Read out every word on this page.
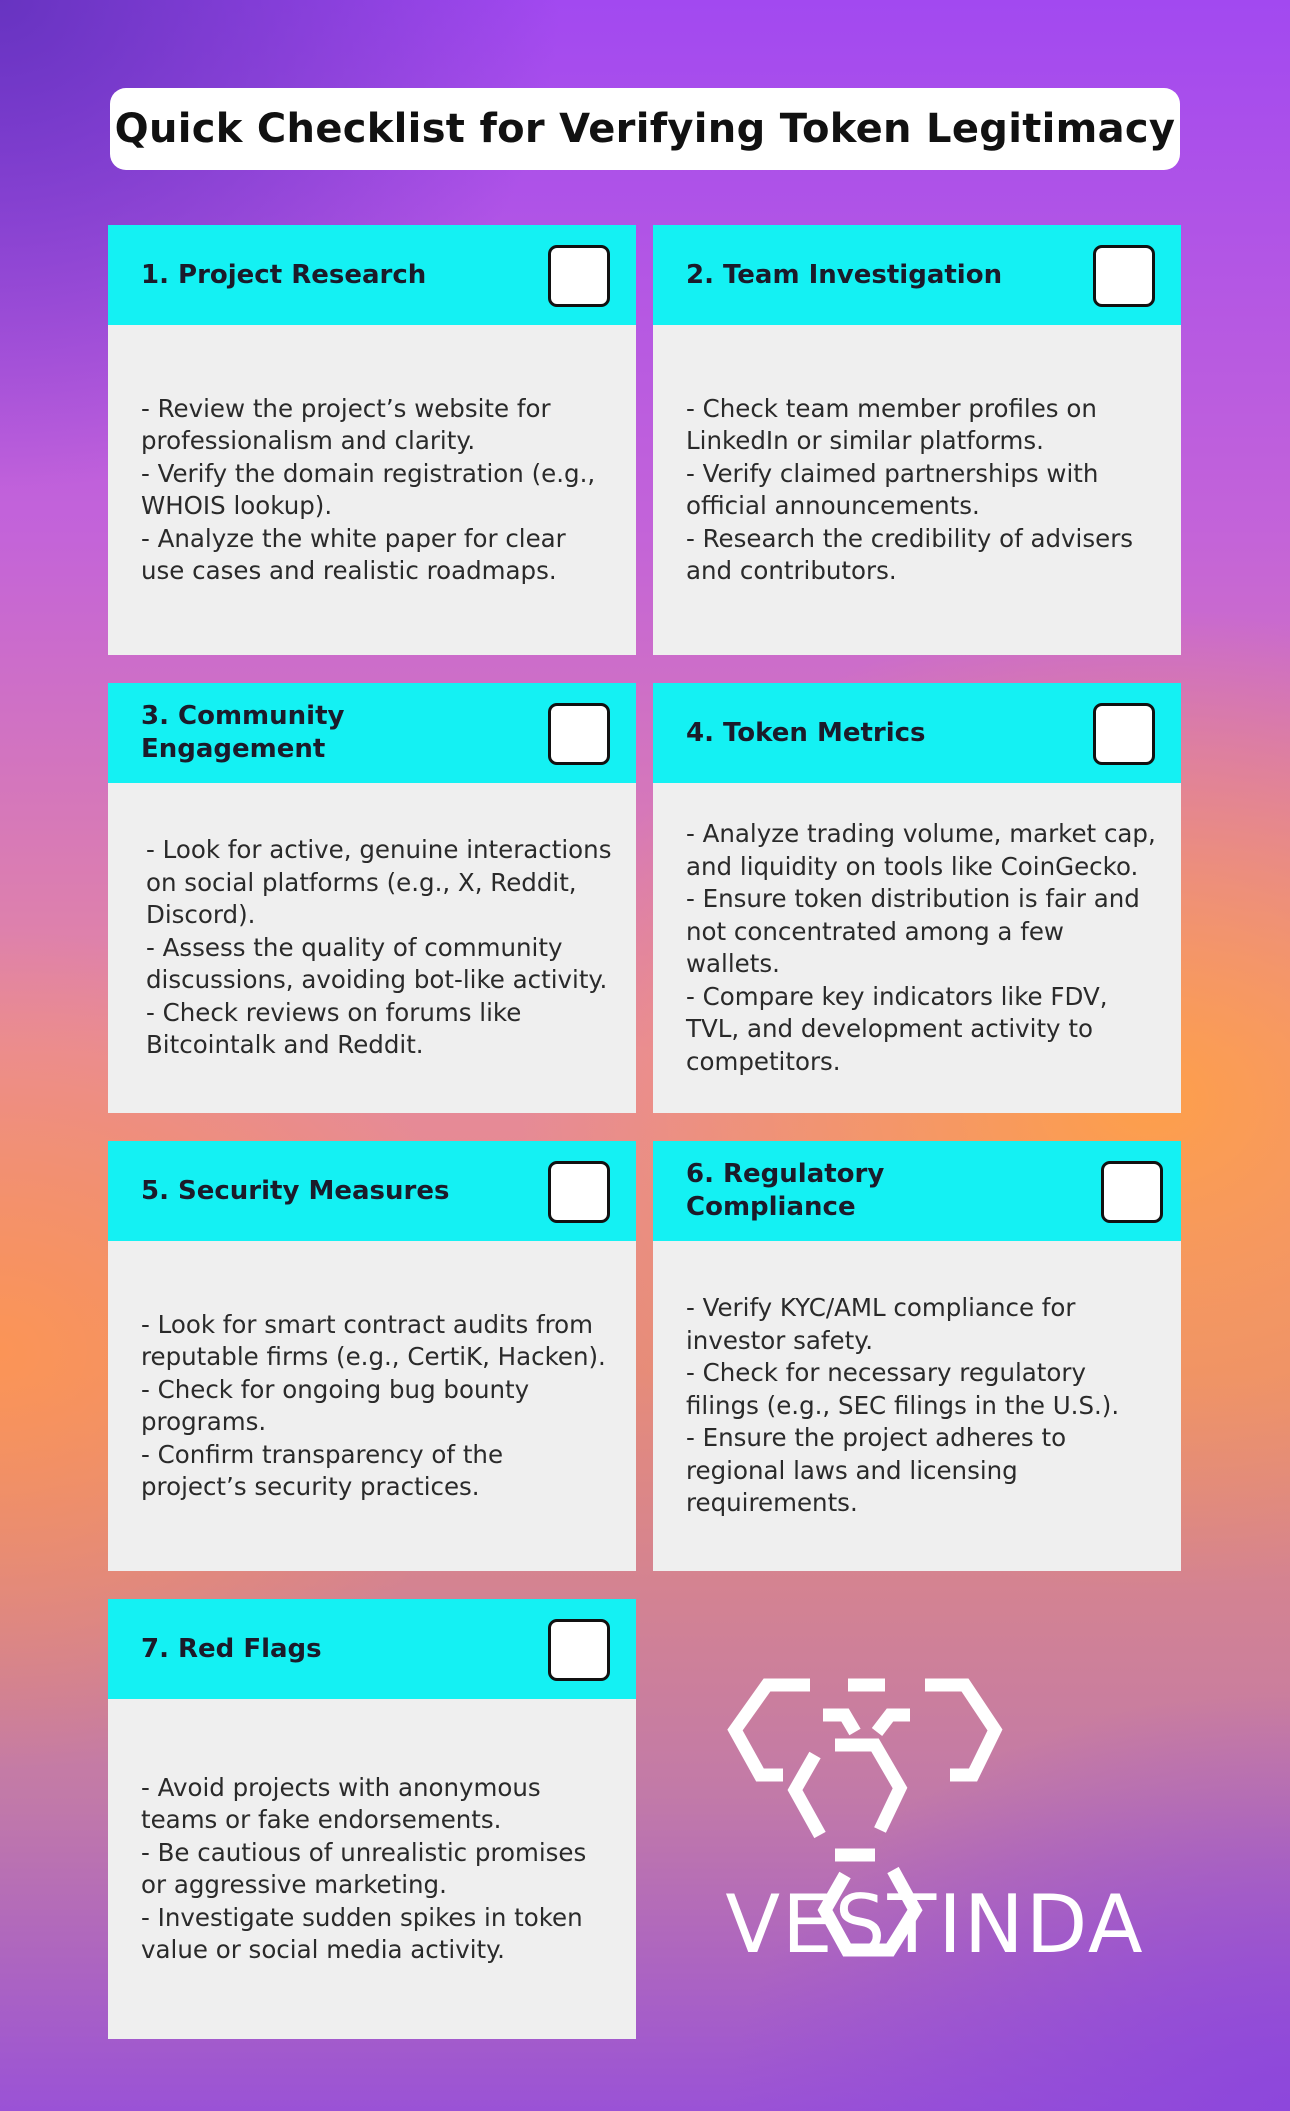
Quick Checklist for Verifying Token Legitimacy
1. Project Research
- Review the project’s website for professionalism and clarity.
- Verify the domain registration (e.g., WHOIS lookup).
- Analyze the white paper for clear use cases and realistic roadmaps.
2. Team Investigation
- Check team member profiles on LinkedIn or similar platforms.
- Verify claimed partnerships with official announcements.
- Research the credibility of advisers and contributors.
3. Community Engagement
- Look for active, genuine interactions on social platforms (e.g., X, Reddit, Discord).
- Assess the quality of community discussions, avoiding bot-like activity.
- Check reviews on forums like Bitcointalk and Reddit.
4. Token Metrics
- Analyze trading volume, market cap, and liquidity on tools like CoinGecko.
- Ensure token distribution is fair and not concentrated among a few wallets.
- Compare key indicators like FDV, TVL, and development activity to competitors.
5. Security Measures
- Look for smart contract audits from reputable firms (e.g., CertiK, Hacken).
- Check for ongoing bug bounty programs.
- Confirm transparency of the project’s security practices.
6. Regulatory Compliance
- Verify KYC/AML compliance for investor safety.
- Check for necessary regulatory filings (e.g., SEC filings in the U.S.).
- Ensure the project adheres to regional laws and licensing requirements.
7. Red Flags
- Avoid projects with anonymous teams or fake endorsements.
- Be cautious of unrealistic promises or aggressive marketing.
- Investigate sudden spikes in token value or social media activity.	VESTINDA
